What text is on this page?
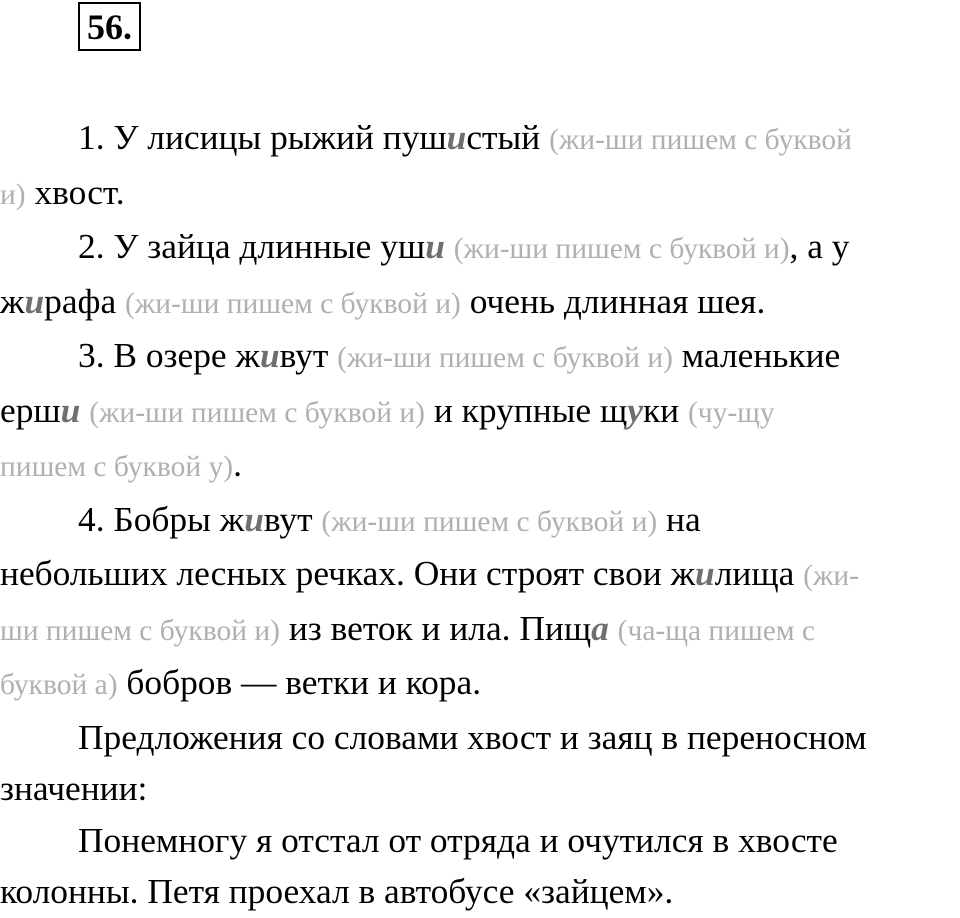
56.

1. У лисицы рыжий пушистый (жи-ши пишем с буквой

и) хвост.

2. У зайца длинные уши (жи-ши пишем с буквой и), а у

жирафа (жи-ши пишем с буквой и) очень длинная шея.

3. В озере живут (жи-ши пишем с буквой и) маленькие

ерши (жи-ши пишем с буквой и) и крупные щуки (чу-щу

пишем с буквой у).

4. Бобры живут (жи-ши пишем с буквой и) на

небольших лесных речках. Они строят свои жилища (жи-

ши пишем с буквой и) из веток и ила. Пища (ча-ща пишем с

буквой а) бобров — ветки и кора.

Предложения со словами хвост и заяц в переносном

значении:

Понемногу я отстал от отряда и очутился в хвосте

колонны. Петя проехал в автобусе «зайцем».
